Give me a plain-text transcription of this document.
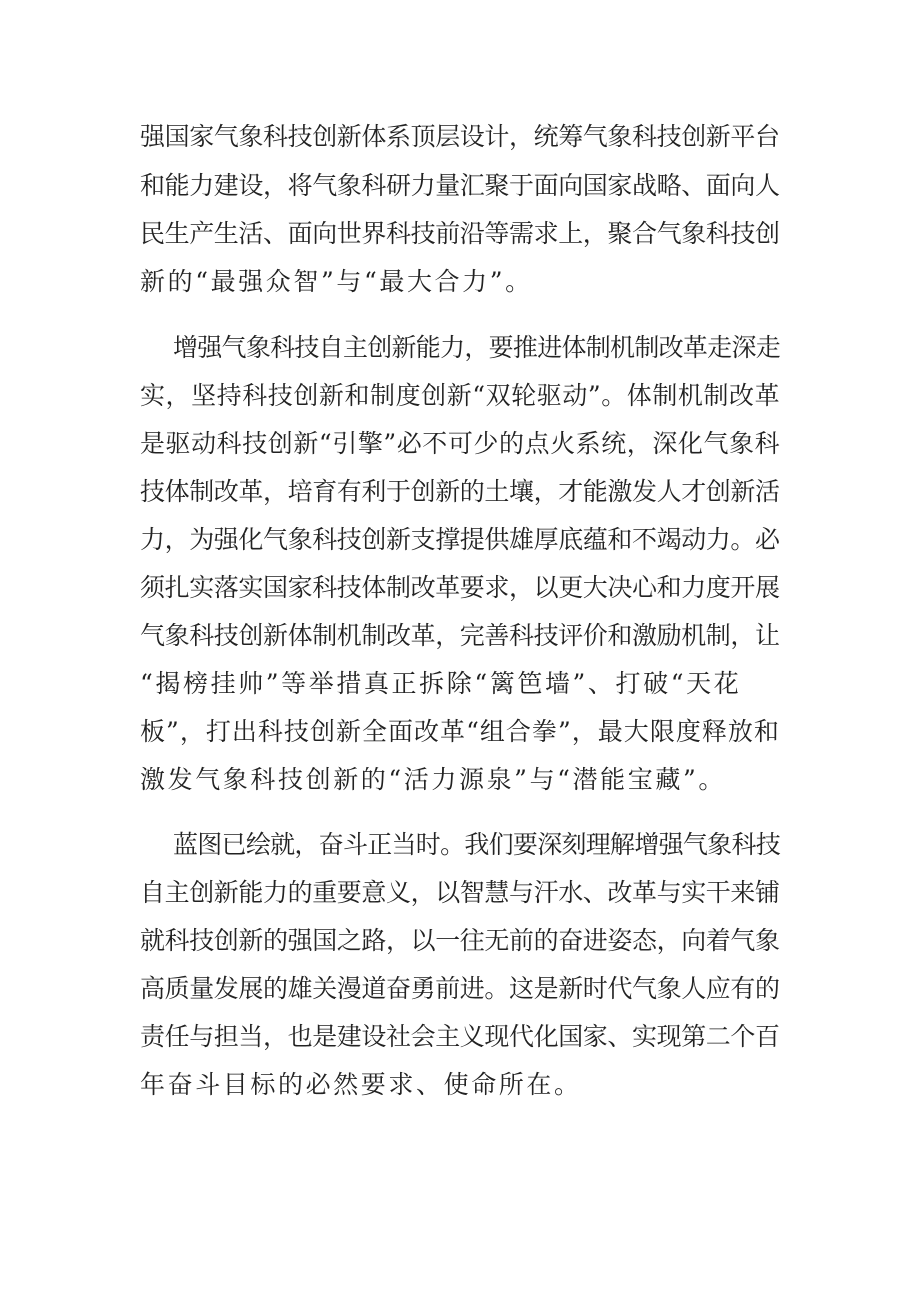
强国家气象科技创新体系顶层设计，统筹气象科技创新平台
和能力建设，将气象科研力量汇聚于面向国家战略、面向人
民生产生活、面向世界科技前沿等需求上，聚合气象科技创
新的“最强众智”与“最大合力”。
增强气象科技自主创新能力，要推进体制机制改革走深走
实，坚持科技创新和制度创新“双轮驱动”。体制机制改革
是驱动科技创新“引擎”必不可少的点火系统，深化气象科
技体制改革，培育有利于创新的土壤，才能激发人才创新活
力，为强化气象科技创新支撑提供雄厚底蕴和不竭动力。必
须扎实落实国家科技体制改革要求，以更大决心和力度开展
气象科技创新体制机制改革，完善科技评价和激励机制，让
“揭榜挂帅”等举措真正拆除“篱笆墙”、打破“天花
板”，打出科技创新全面改革“组合拳”，最大限度释放和
激发气象科技创新的“活力源泉”与“潜能宝藏”。
蓝图已绘就，奋斗正当时。我们要深刻理解增强气象科技
自主创新能力的重要意义，以智慧与汗水、改革与实干来铺
就科技创新的强国之路，以一往无前的奋进姿态，向着气象
高质量发展的雄关漫道奋勇前进。这是新时代气象人应有的
责任与担当，也是建设社会主义现代化国家、实现第二个百
年奋斗目标的必然要求、使命所在。
